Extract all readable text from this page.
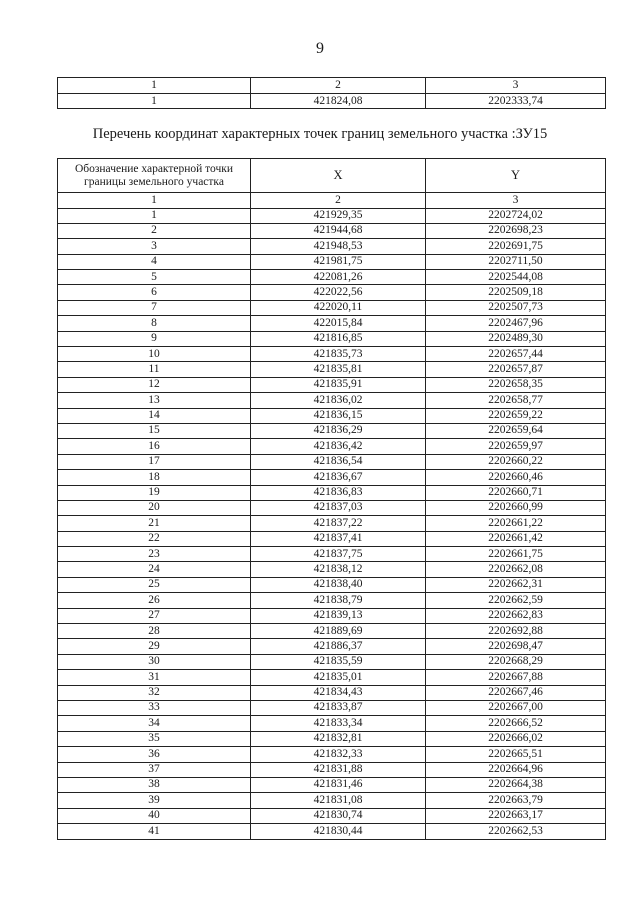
9
1	2	3
1	421824,08	2202333,74
Перечень координат характерных точек границ земельного участка :ЗУ15
Обозначение характерной точки границы земельного участка	X	Y
1	2	3
1	421929,35	2202724,02
2	421944,68	2202698,23
3	421948,53	2202691,75
4	421981,75	2202711,50
5	422081,26	2202544,08
6	422022,56	2202509,18
7	422020,11	2202507,73
8	422015,84	2202467,96
9	421816,85	2202489,30
10	421835,73	2202657,44
11	421835,81	2202657,87
12	421835,91	2202658,35
13	421836,02	2202658,77
14	421836,15	2202659,22
15	421836,29	2202659,64
16	421836,42	2202659,97
17	421836,54	2202660,22
18	421836,67	2202660,46
19	421836,83	2202660,71
20	421837,03	2202660,99
21	421837,22	2202661,22
22	421837,41	2202661,42
23	421837,75	2202661,75
24	421838,12	2202662,08
25	421838,40	2202662,31
26	421838,79	2202662,59
27	421839,13	2202662,83
28	421889,69	2202692,88
29	421886,37	2202698,47
30	421835,59	2202668,29
31	421835,01	2202667,88
32	421834,43	2202667,46
33	421833,87	2202667,00
34	421833,34	2202666,52
35	421832,81	2202666,02
36	421832,33	2202665,51
37	421831,88	2202664,96
38	421831,46	2202664,38
39	421831,08	2202663,79
40	421830,74	2202663,17
41	421830,44	2202662,53
